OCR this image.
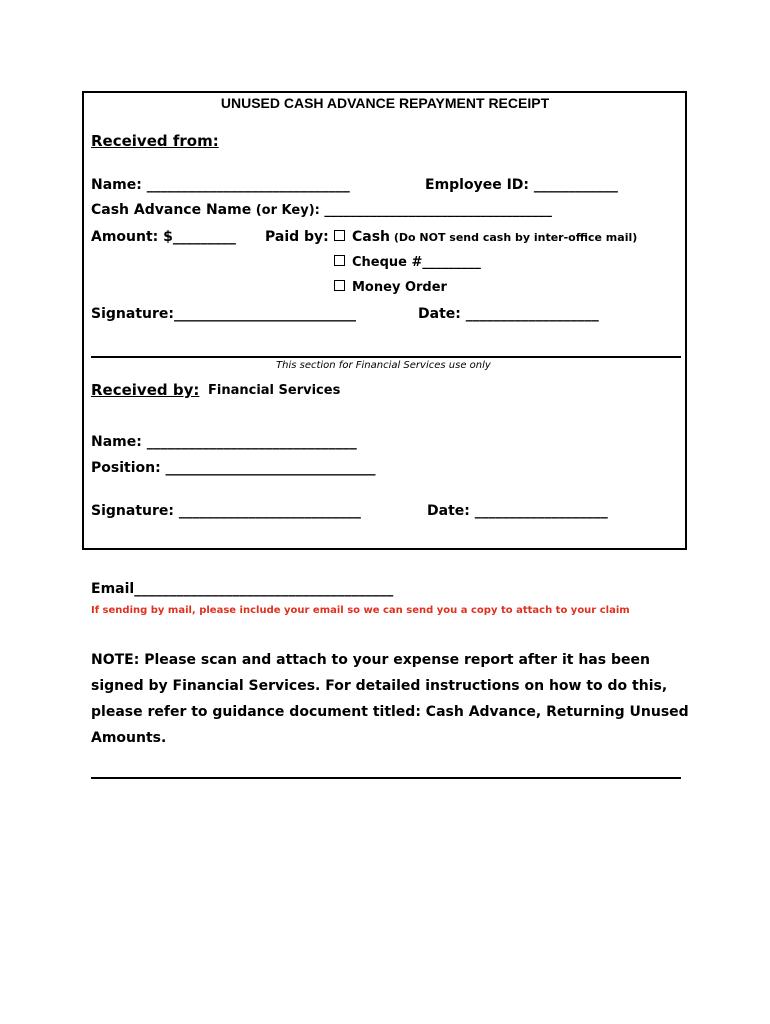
UNUSED CASH ADVANCE REPAYMENT RECEIPT
Received from:
Name: _____________________________	Employee ID: ____________
Cash Advance Name (or Key): ___________________________________
Amount: $_________ Paid by:	Cash (Do NOT send cash by inter-office mail)
Cheque #_________
Money Order
Signature:__________________________	Date: ___________________
This section for Financial Services use only
Received by: Financial Services
Name: ______________________________
Position: ______________________________
Signature: __________________________	Date: ___________________
Email_____________________________________
If sending by mail, please include your email so we can send you a copy to attach to your claim
NOTE: Please scan and attach to your expense report after it has been
signed by Financial Services. For detailed instructions on how to do this,
please refer to guidance document titled: Cash Advance, Returning Unused
Amounts.
